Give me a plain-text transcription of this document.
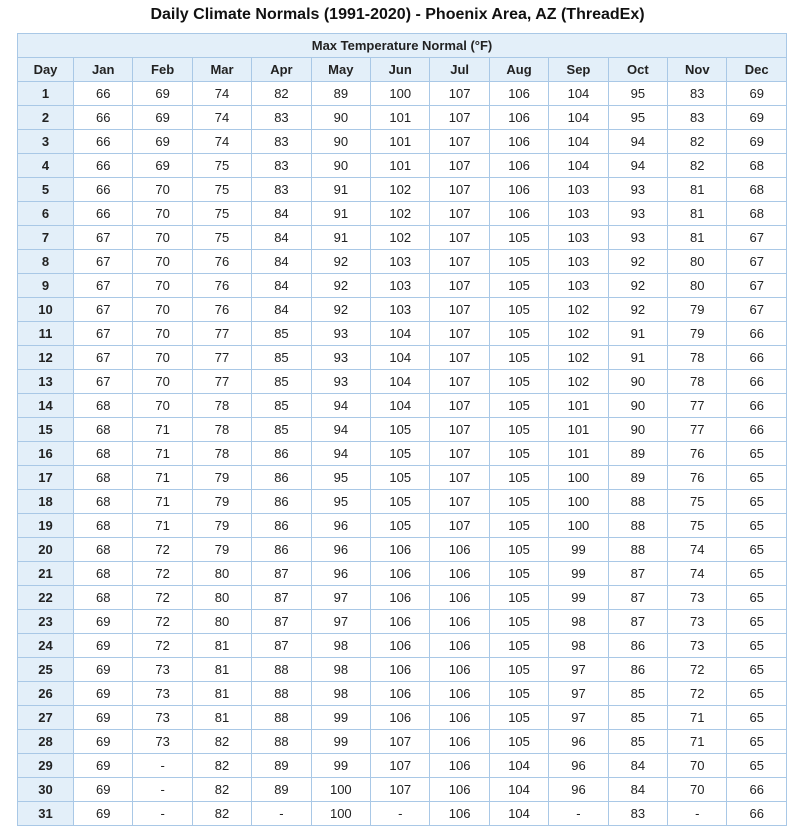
Daily Climate Normals (1991-2020) - Phoenix Area, AZ (ThreadEx)
Max Temperature Normal (°F)												
Day	Jan	Feb	Mar	Apr	May	Jun	Jul	Aug	Sep	Oct	Nov	Dec
1	66	69	74	82	89	100	107	106	104	95	83	69
2	66	69	74	83	90	101	107	106	104	95	83	69
3	66	69	74	83	90	101	107	106	104	94	82	69
4	66	69	75	83	90	101	107	106	104	94	82	68
5	66	70	75	83	91	102	107	106	103	93	81	68
6	66	70	75	84	91	102	107	106	103	93	81	68
7	67	70	75	84	91	102	107	105	103	93	81	67
8	67	70	76	84	92	103	107	105	103	92	80	67
9	67	70	76	84	92	103	107	105	103	92	80	67
10	67	70	76	84	92	103	107	105	102	92	79	67
11	67	70	77	85	93	104	107	105	102	91	79	66
12	67	70	77	85	93	104	107	105	102	91	78	66
13	67	70	77	85	93	104	107	105	102	90	78	66
14	68	70	78	85	94	104	107	105	101	90	77	66
15	68	71	78	85	94	105	107	105	101	90	77	66
16	68	71	78	86	94	105	107	105	101	89	76	65
17	68	71	79	86	95	105	107	105	100	89	76	65
18	68	71	79	86	95	105	107	105	100	88	75	65
19	68	71	79	86	96	105	107	105	100	88	75	65
20	68	72	79	86	96	106	106	105	99	88	74	65
21	68	72	80	87	96	106	106	105	99	87	74	65
22	68	72	80	87	97	106	106	105	99	87	73	65
23	69	72	80	87	97	106	106	105	98	87	73	65
24	69	72	81	87	98	106	106	105	98	86	73	65
25	69	73	81	88	98	106	106	105	97	86	72	65
26	69	73	81	88	98	106	106	105	97	85	72	65
27	69	73	81	88	99	106	106	105	97	85	71	65
28	69	73	82	88	99	107	106	105	96	85	71	65
29	69	-	82	89	99	107	106	104	96	84	70	65
30	69	-	82	89	100	107	106	104	96	84	70	66
31	69	-	82	-	100	-	106	104	-	83	-	66
